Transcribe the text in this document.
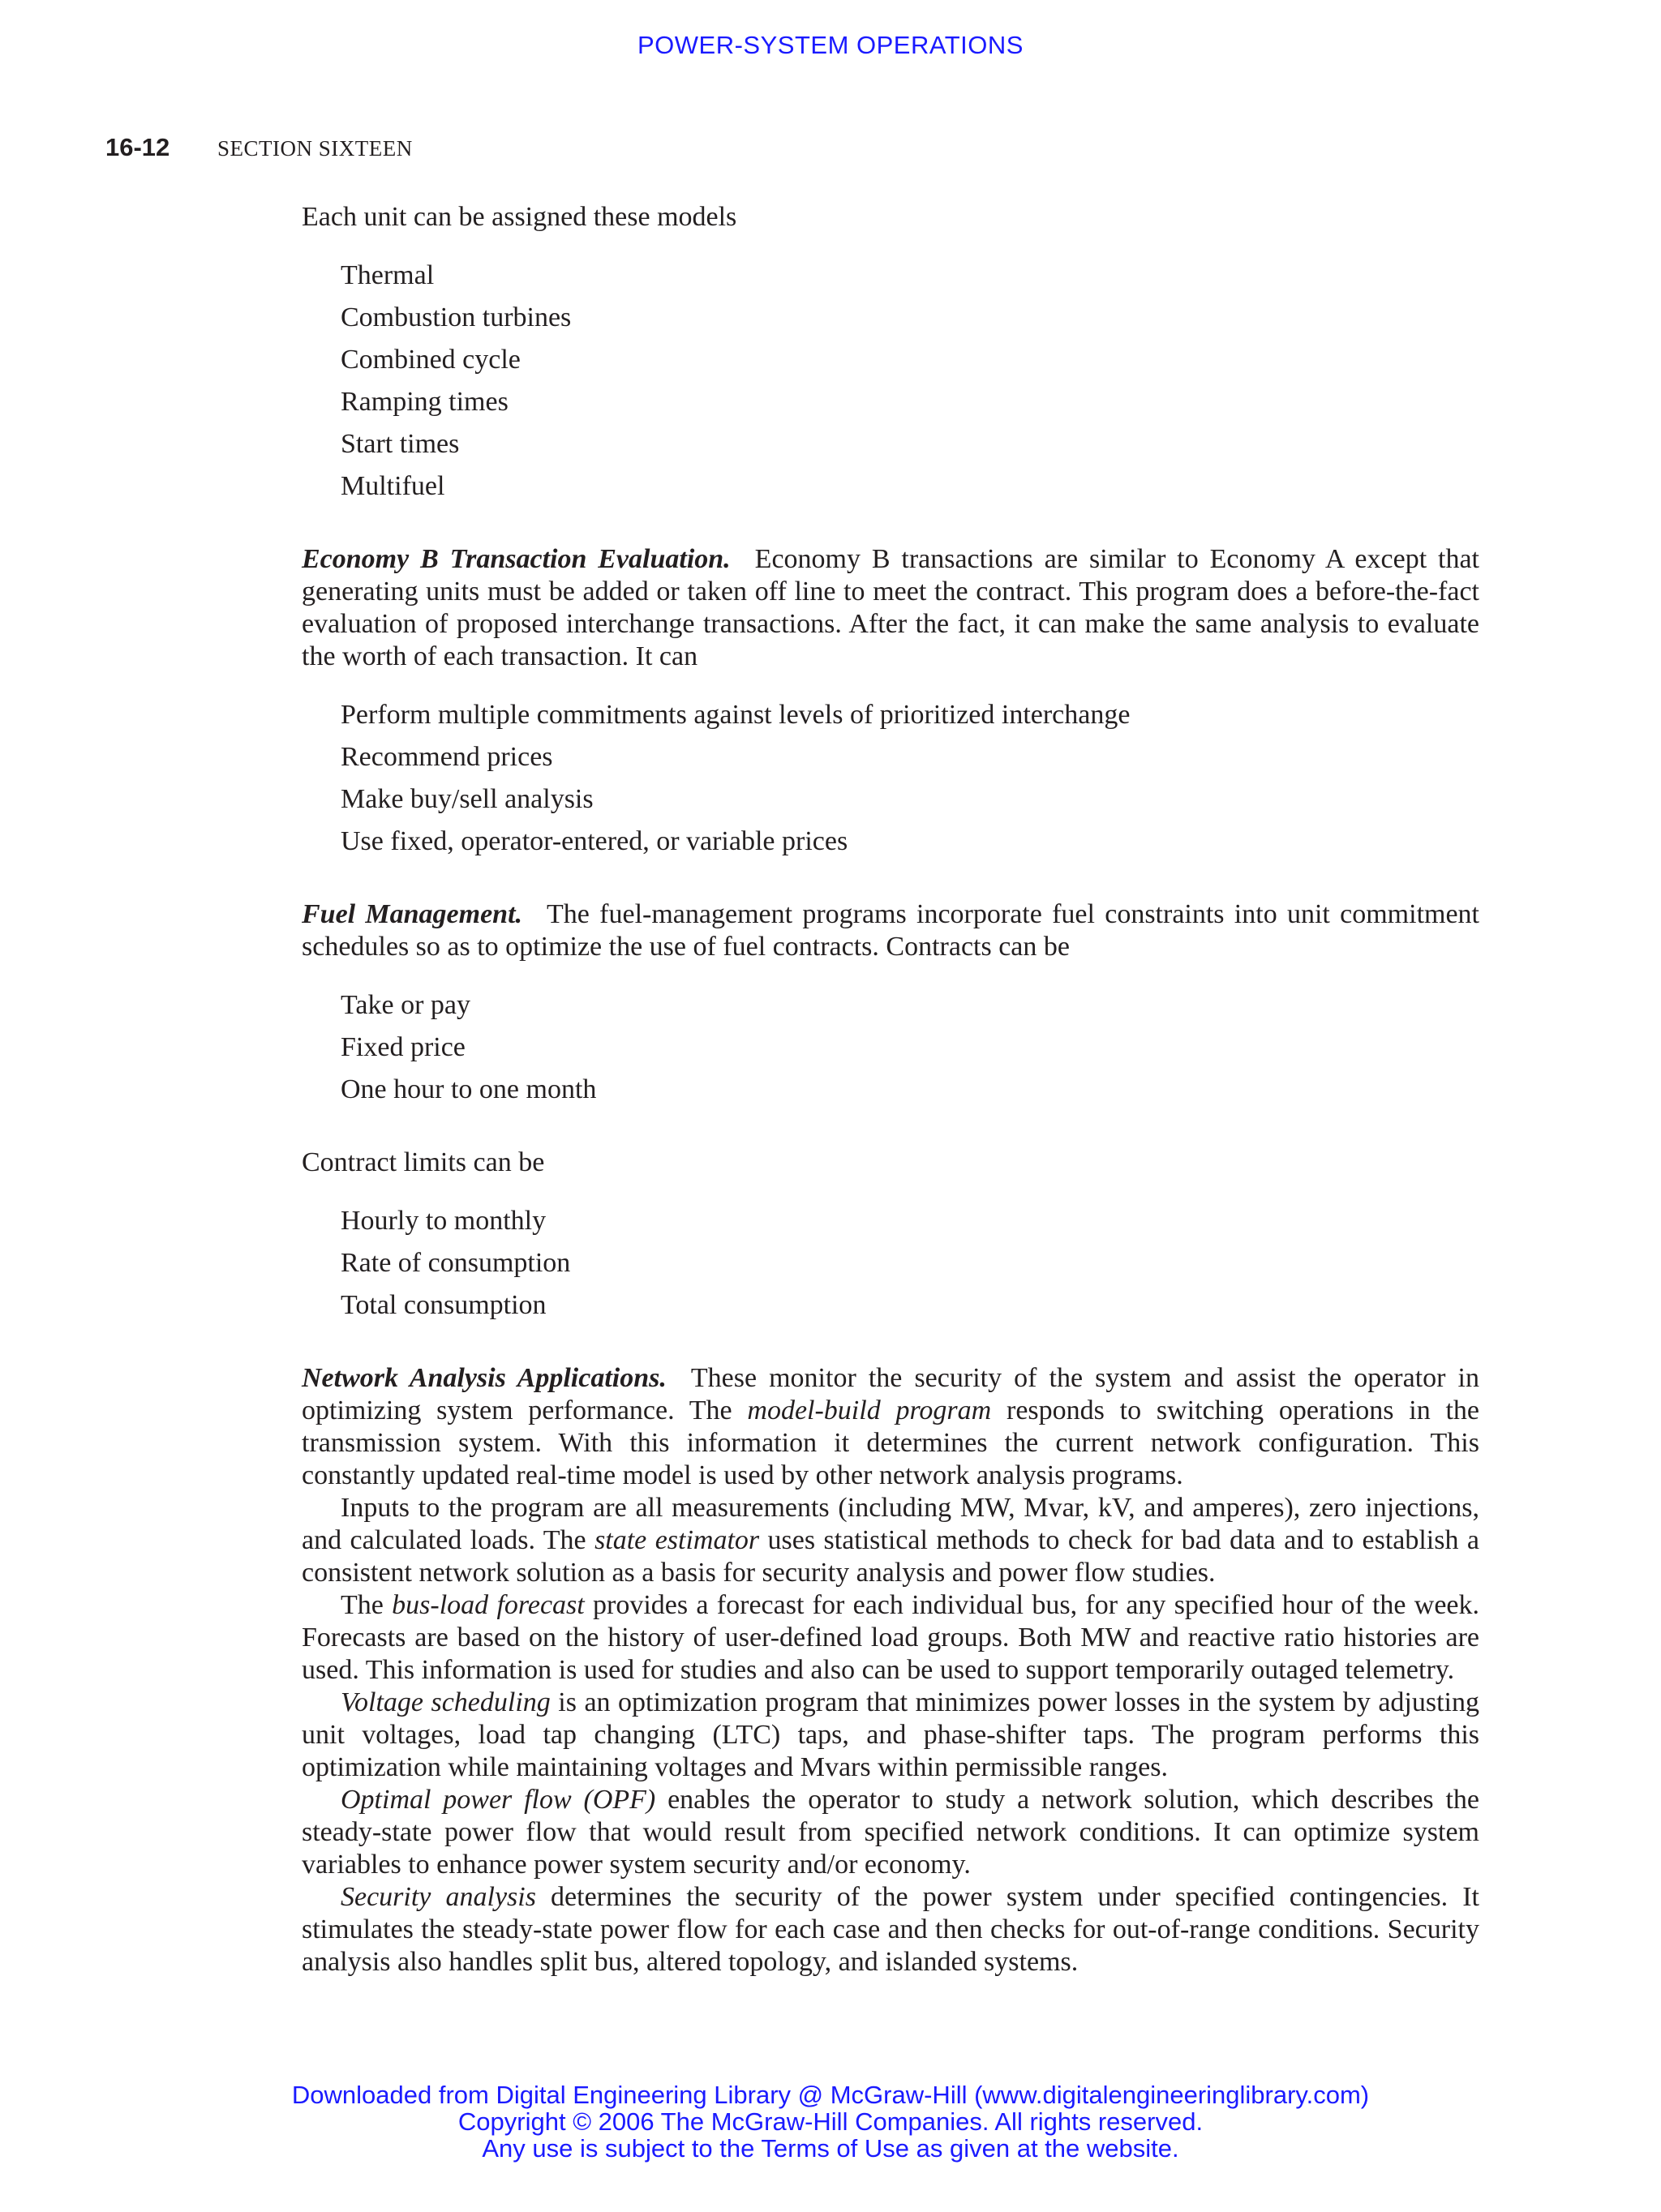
POWER-SYSTEM OPERATIONS
16-12 SECTION SIXTEEN

Each unit can be assigned these models

Thermal
Combustion turbines
Combined cycle
Ramping times
Start times
Multifuel

Economy B Transaction Evaluation. Economy B transactions are similar to Economy A except that generating units must be added or taken off line to meet the contract. This program does a before-the-fact evaluation of proposed interchange transactions. After the fact, it can make the same analysis to evaluate the worth of each transaction. It can

Perform multiple commitments against levels of prioritized interchange
Recommend prices
Make buy/sell analysis
Use fixed, operator-entered, or variable prices

Fuel Management. The fuel-management programs incorporate fuel constraints into unit commitment schedules so as to optimize the use of fuel contracts. Contracts can be

Take or pay
Fixed price
One hour to one month

Contract limits can be

Hourly to monthly
Rate of consumption
Total consumption

Network Analysis Applications. These monitor the security of the system and assist the operator in optimizing system performance. The model-build program responds to switching operations in the transmission system. With this information it determines the current network configuration. This constantly updated real-time model is used by other network analysis programs.

Inputs to the program are all measurements (including MW, Mvar, kV, and amperes), zero injections, and calculated loads. The state estimator uses statistical methods to check for bad data and to establish a consistent network solution as a basis for security analysis and power flow studies.

The bus-load forecast provides a forecast for each individual bus, for any specified hour of the week. Forecasts are based on the history of user-defined load groups. Both MW and reactive ratio histories are used. This information is used for studies and also can be used to support temporarily outaged telemetry.

Voltage scheduling is an optimization program that minimizes power losses in the system by adjusting unit voltages, load tap changing (LTC) taps, and phase-shifter taps. The program performs this optimization while maintaining voltages and Mvars within permissible ranges.

Optimal power flow (OPF) enables the operator to study a network solution, which describes the steady-state power flow that would result from specified network conditions. It can optimize system variables to enhance power system security and/or economy.

Security analysis determines the security of the power system under specified contingencies. It stimulates the steady-state power flow for each case and then checks for out-of-range conditions. Security analysis also handles split bus, altered topology, and islanded systems.

Downloaded from Digital Engineering Library @ McGraw-Hill (www.digitalengineeringlibrary.com)
Copyright © 2006 The McGraw-Hill Companies. All rights reserved.
Any use is subject to the Terms of Use as given at the website.
